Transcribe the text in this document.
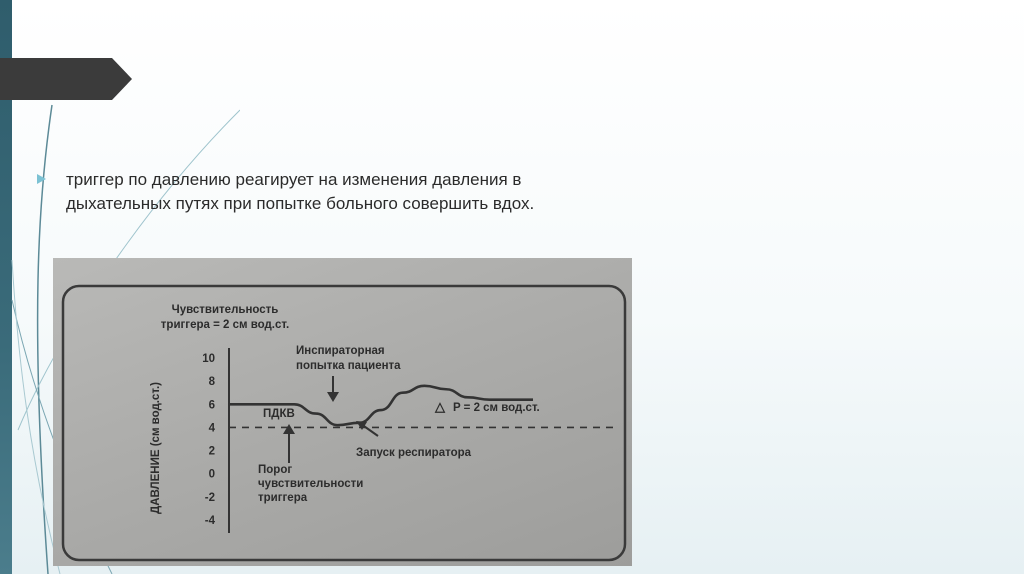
триггер по давлению реагирует на изменения давления в дыхательных путях при попытке больного совершить вдох.
Чувствительность
триггера = 2 см вод.ст.
ДАВЛЕНИЕ (см вод.ст.)
10
8
6
4
2
0
-2
-4
Инспираторная
попытка пациента
ПДКВ	△ P = 2 см вод.ст.
Запуск респиратора
Порог
чувствительности
триггера
